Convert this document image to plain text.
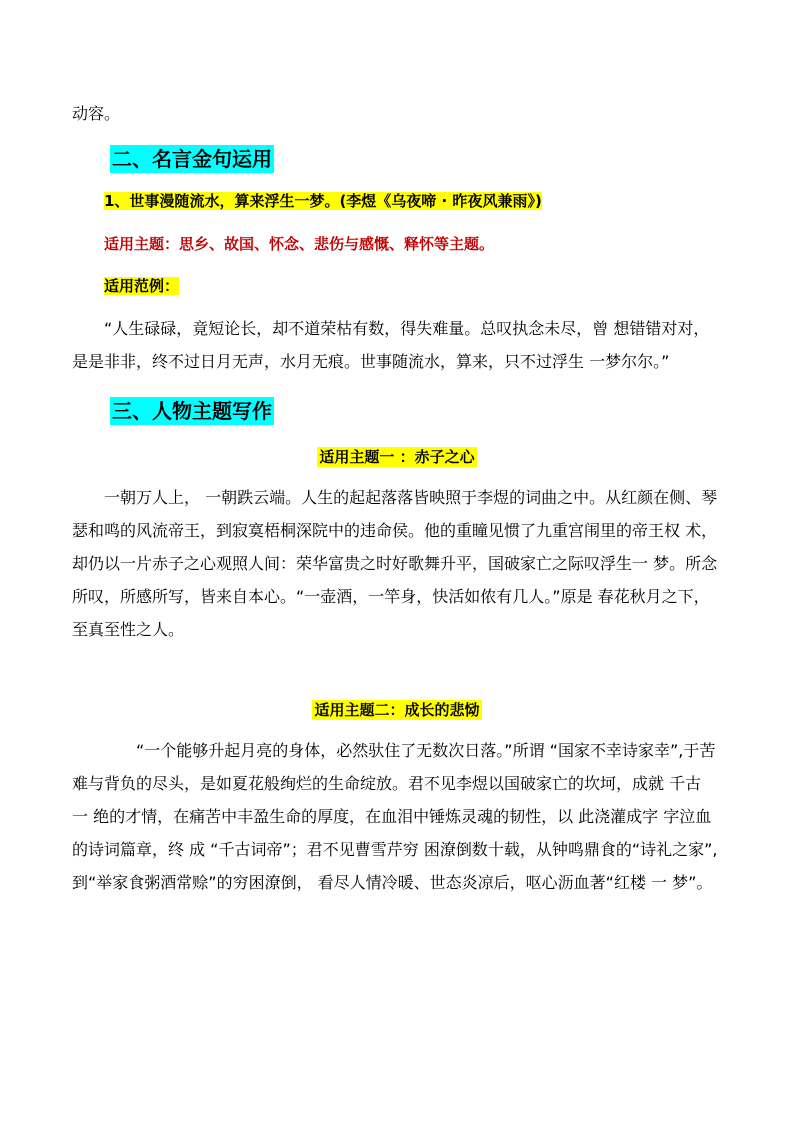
动容。
二、名言金句运用
1、世事漫随流水，算来浮生一梦。(李煜《乌夜啼 · 昨夜风兼雨》)
适用主题：思乡、故国、怀念、悲伤与感慨、释怀等主题。
适用范例：
“人生碌碌，竟短论长，却不道荣枯有数，得失难量。总叹执念未尽，曾 想错错对对，是是非非，终不过日月无声，水月无痕。世事随流水，算来，只不过浮生 一梦尔尔。”
三、人物主题写作
适用主题一 ：赤子之心
一朝万人上， 一朝跌云端。人生的起起落落皆映照于李煜的词曲之中。从红颜在侧、琴瑟和鸣的风流帝王，到寂寞梧桐深院中的违命侯。他的重瞳见惯了九重宫闱里的帝王权 术，却仍以一片赤子之心观照人间：荣华富贵之时好歌舞升平，国破家亡之际叹浮生一 梦。所念所叹，所感所写，皆来自本心。“一壶酒，一竿身，快活如侬有几人。”原是 春花秋月之下，至真至性之人。
适用主题二：成长的悲恸
“一个能够升起月亮的身体，必然驮住了无数次日落。”所谓 “国家不幸诗家幸”,于苦难与背负的尽头，是如夏花般绚烂的生命绽放。君不见李煜以国破家亡的坎坷，成就 千古 一 绝的才情，在痛苦中丰盈生命的厚度，在血泪中锤炼灵魂的韧性，以 此浇灌成字 字泣血的诗词篇章，终 成 “千古词帝”；君不见曹雪芹穷 困潦倒数十载，从钟鸣鼎食的“诗礼之家”,到“举家食粥酒常赊”的穷困潦倒， 看尽人情冷暖、世态炎凉后，呕心沥血著“红楼 一 梦”。
